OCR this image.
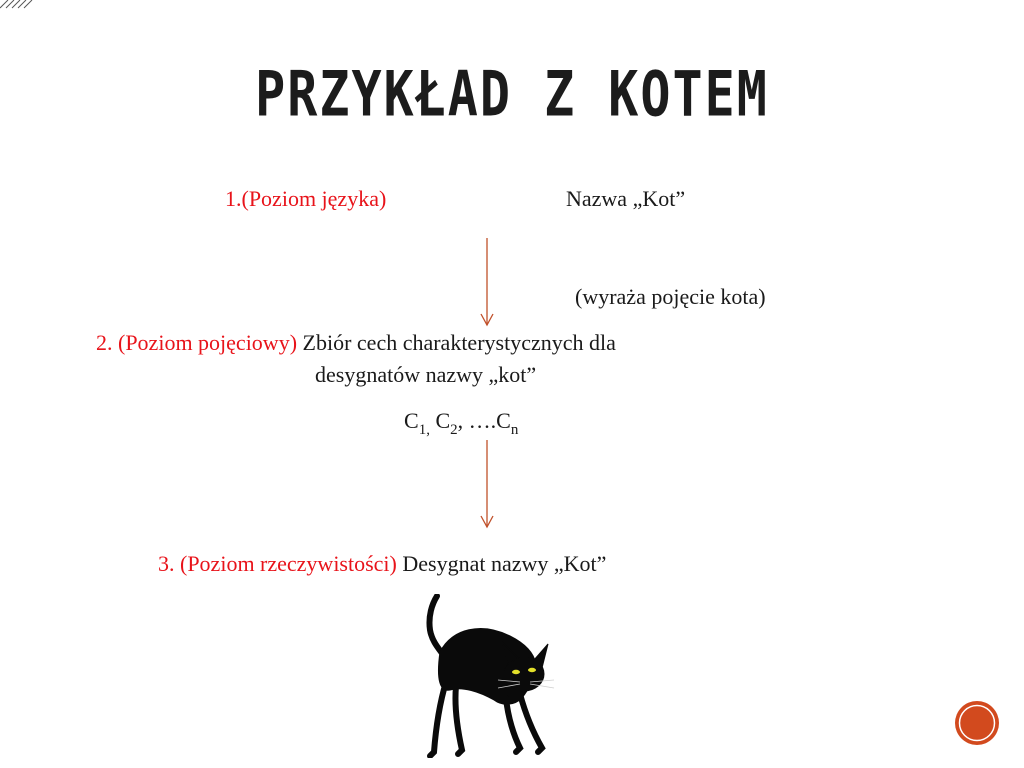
PRZYKŁAD Z KOTEM
1.(Poziom języka)	Nazwa „Kot”
(wyraża pojęcie kota)
2. (Poziom pojęciowy) Zbiór cech charakterystycznych dla
desygnatów nazwy „kot”
$C_{1,}$ $C_2$, $\dots.C_n$
3. (Poziom rzeczywistości) Desygnat nazwy „Kot”
